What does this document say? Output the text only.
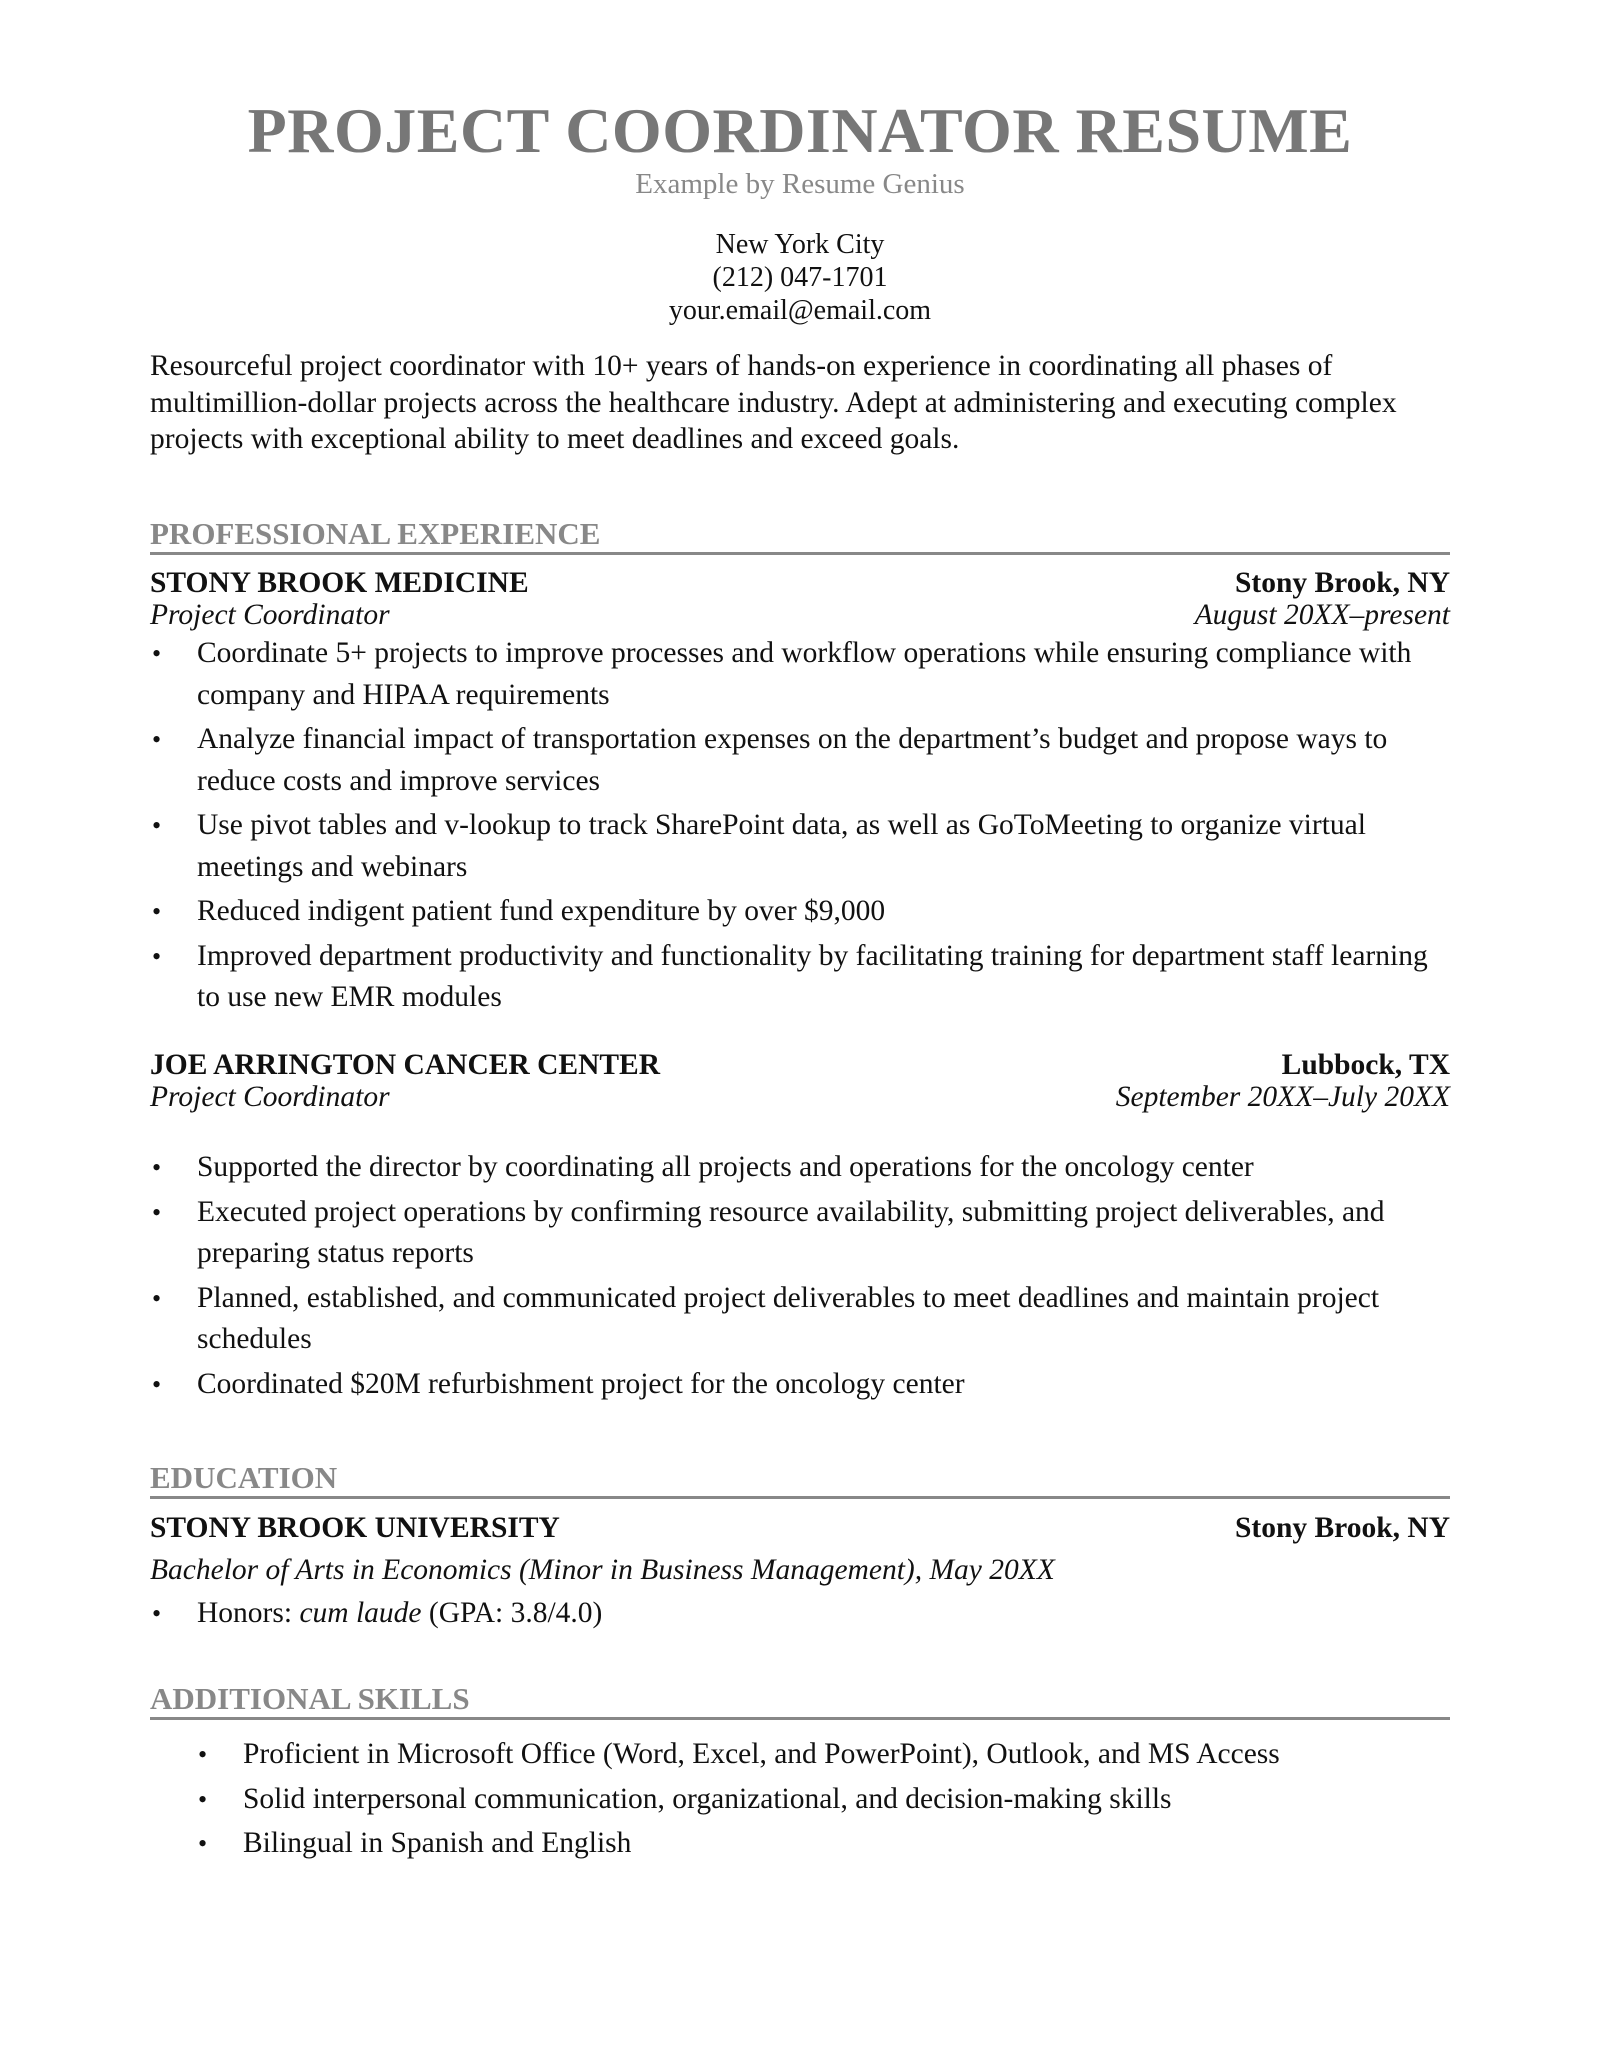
PROJECT COORDINATOR RESUME
Example by Resume Genius
New York City
(212) 047-1701
your.email@email.com
Resourceful project coordinator with 10+ years of hands-on experience in coordinating all phases of multimillion-dollar projects across the healthcare industry. Adept at administering and executing complex projects with exceptional ability to meet deadlines and exceed goals.
PROFESSIONAL EXPERIENCE
STONY BROOK MEDICINE	Stony Brook, NY
Project Coordinator	August 20XX–present
• Coordinate 5+ projects to improve processes and workflow operations while ensuring compliance with company and HIPAA requirements
• Analyze financial impact of transportation expenses on the department’s budget and propose ways to reduce costs and improve services
• Use pivot tables and v-lookup to track SharePoint data, as well as GoToMeeting to organize virtual meetings and webinars
• Reduced indigent patient fund expenditure by over $9,000
• Improved department productivity and functionality by facilitating training for department staff learning to use new EMR modules
JOE ARRINGTON CANCER CENTER	Lubbock, TX
Project Coordinator	September 20XX–July 20XX
• Supported the director by coordinating all projects and operations for the oncology center
• Executed project operations by confirming resource availability, submitting project deliverables, and preparing status reports
• Planned, established, and communicated project deliverables to meet deadlines and maintain project schedules
• Coordinated $20M refurbishment project for the oncology center
EDUCATION
STONY BROOK UNIVERSITY	Stony Brook, NY
Bachelor of Arts in Economics (Minor in Business Management), May 20XX
• Honors: cum laude (GPA: 3.8/4.0)
ADDITIONAL SKILLS
• Proficient in Microsoft Office (Word, Excel, and PowerPoint), Outlook, and MS Access
• Solid interpersonal communication, organizational, and decision-making skills
• Bilingual in Spanish and English
